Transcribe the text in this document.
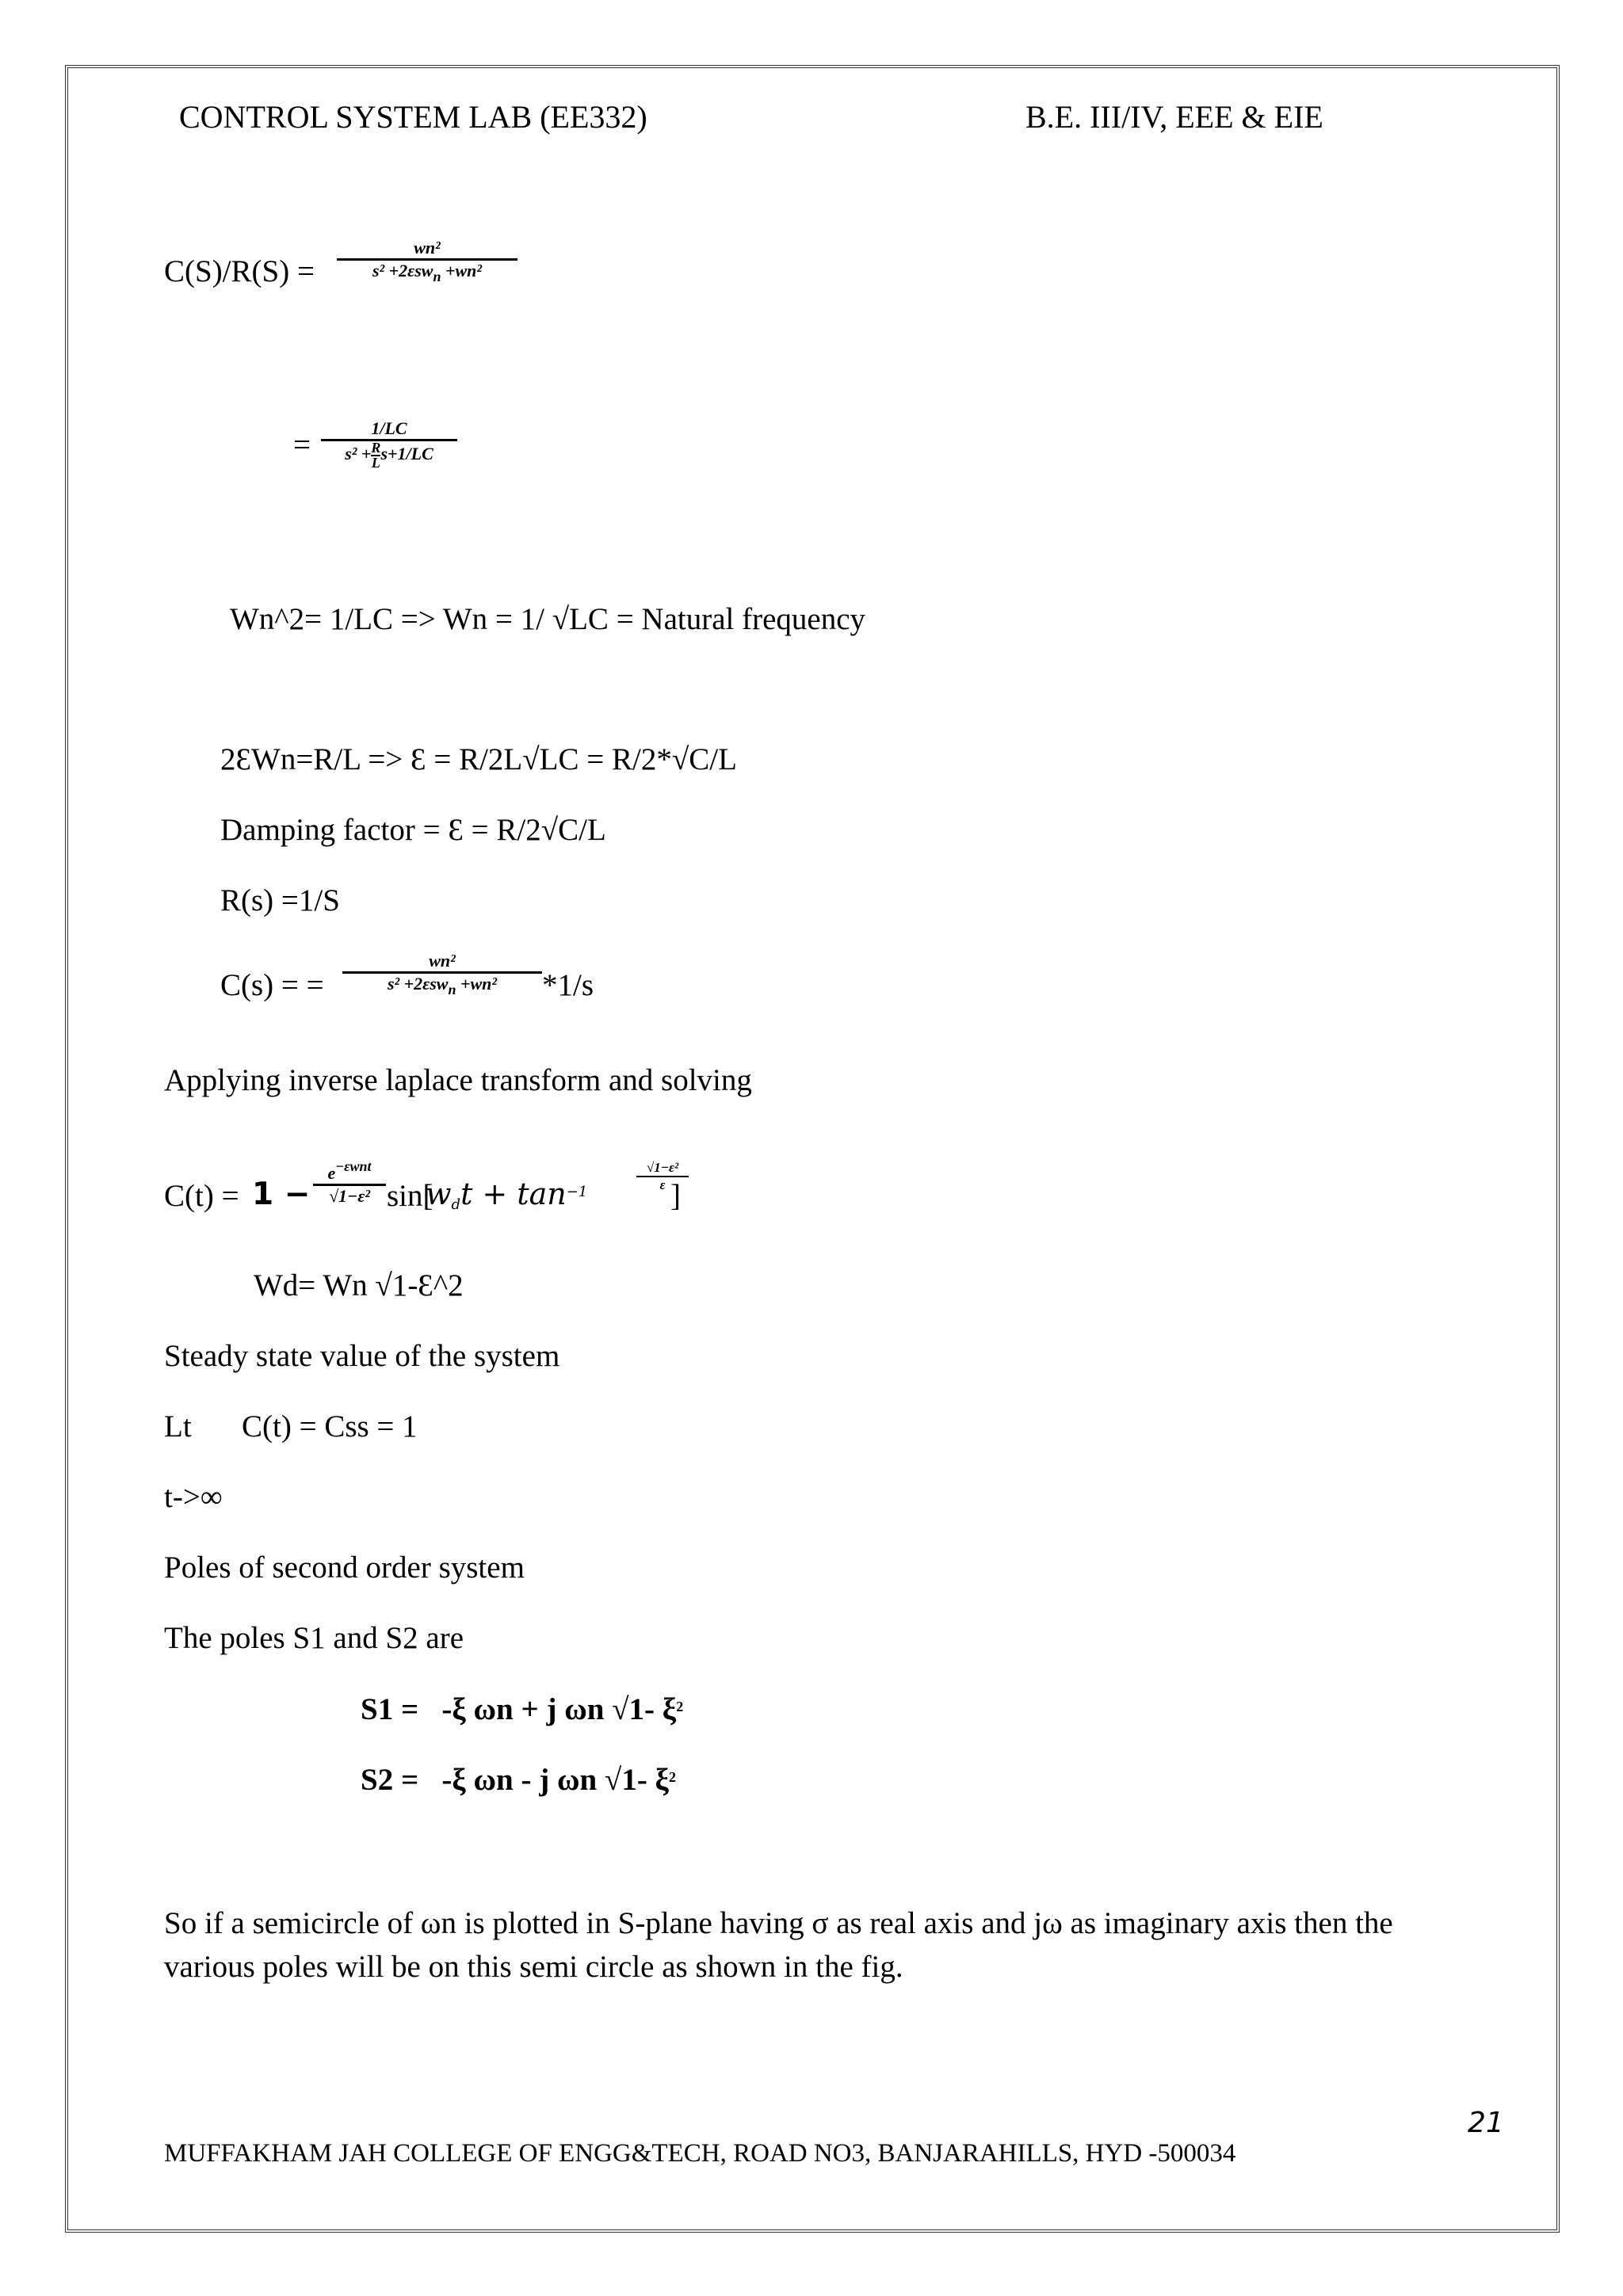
CONTROL SYSTEM LAB (EE332)	B.E. III/IV, EEE & EIE
C(S)/R(S) =
wn²
s² +2εsw$_n$ +wn²
=	1/LC
$s^2 + \frac{R}{L} s+1/LC$
Wn^2= 1/LC => Wn = 1/ √LC = Natural frequency
2ƐWn=R/L => Ɛ = R/2L√LC = R/2*√C/L
Damping factor = Ɛ = R/2√C/L
R(s) =1/S
C(s) = =
wn²
s² +2εsw$_n$ +wn²	*1/s
Applying inverse laplace transform and solving
C(t) = 1 −
$e^{-\varepsilon wnt}$
√1−ε² sin[
$w_dt + \tan^{-1}$
√1−ε²
ε ]
Wd= Wn √1-Ɛ^2
Steady state value of the system
Lt C(t) = Css = 1
t->∞
Poles of second order system
The poles S1 and S2 are
S1 = -ξ ωn + j ωn √1- $\xi^2$
S2 = -ξ ωn - j ωn √1- $\xi^2$
So if a semicircle of ωn is plotted in S-plane having σ as real axis and jω as imaginary axis then the
various poles will be on this semi circle as shown in the fig.
21
MUFFAKHAM JAH COLLEGE OF ENGG&TECH, ROAD NO3, BANJARAHILLS, HYD -500034
